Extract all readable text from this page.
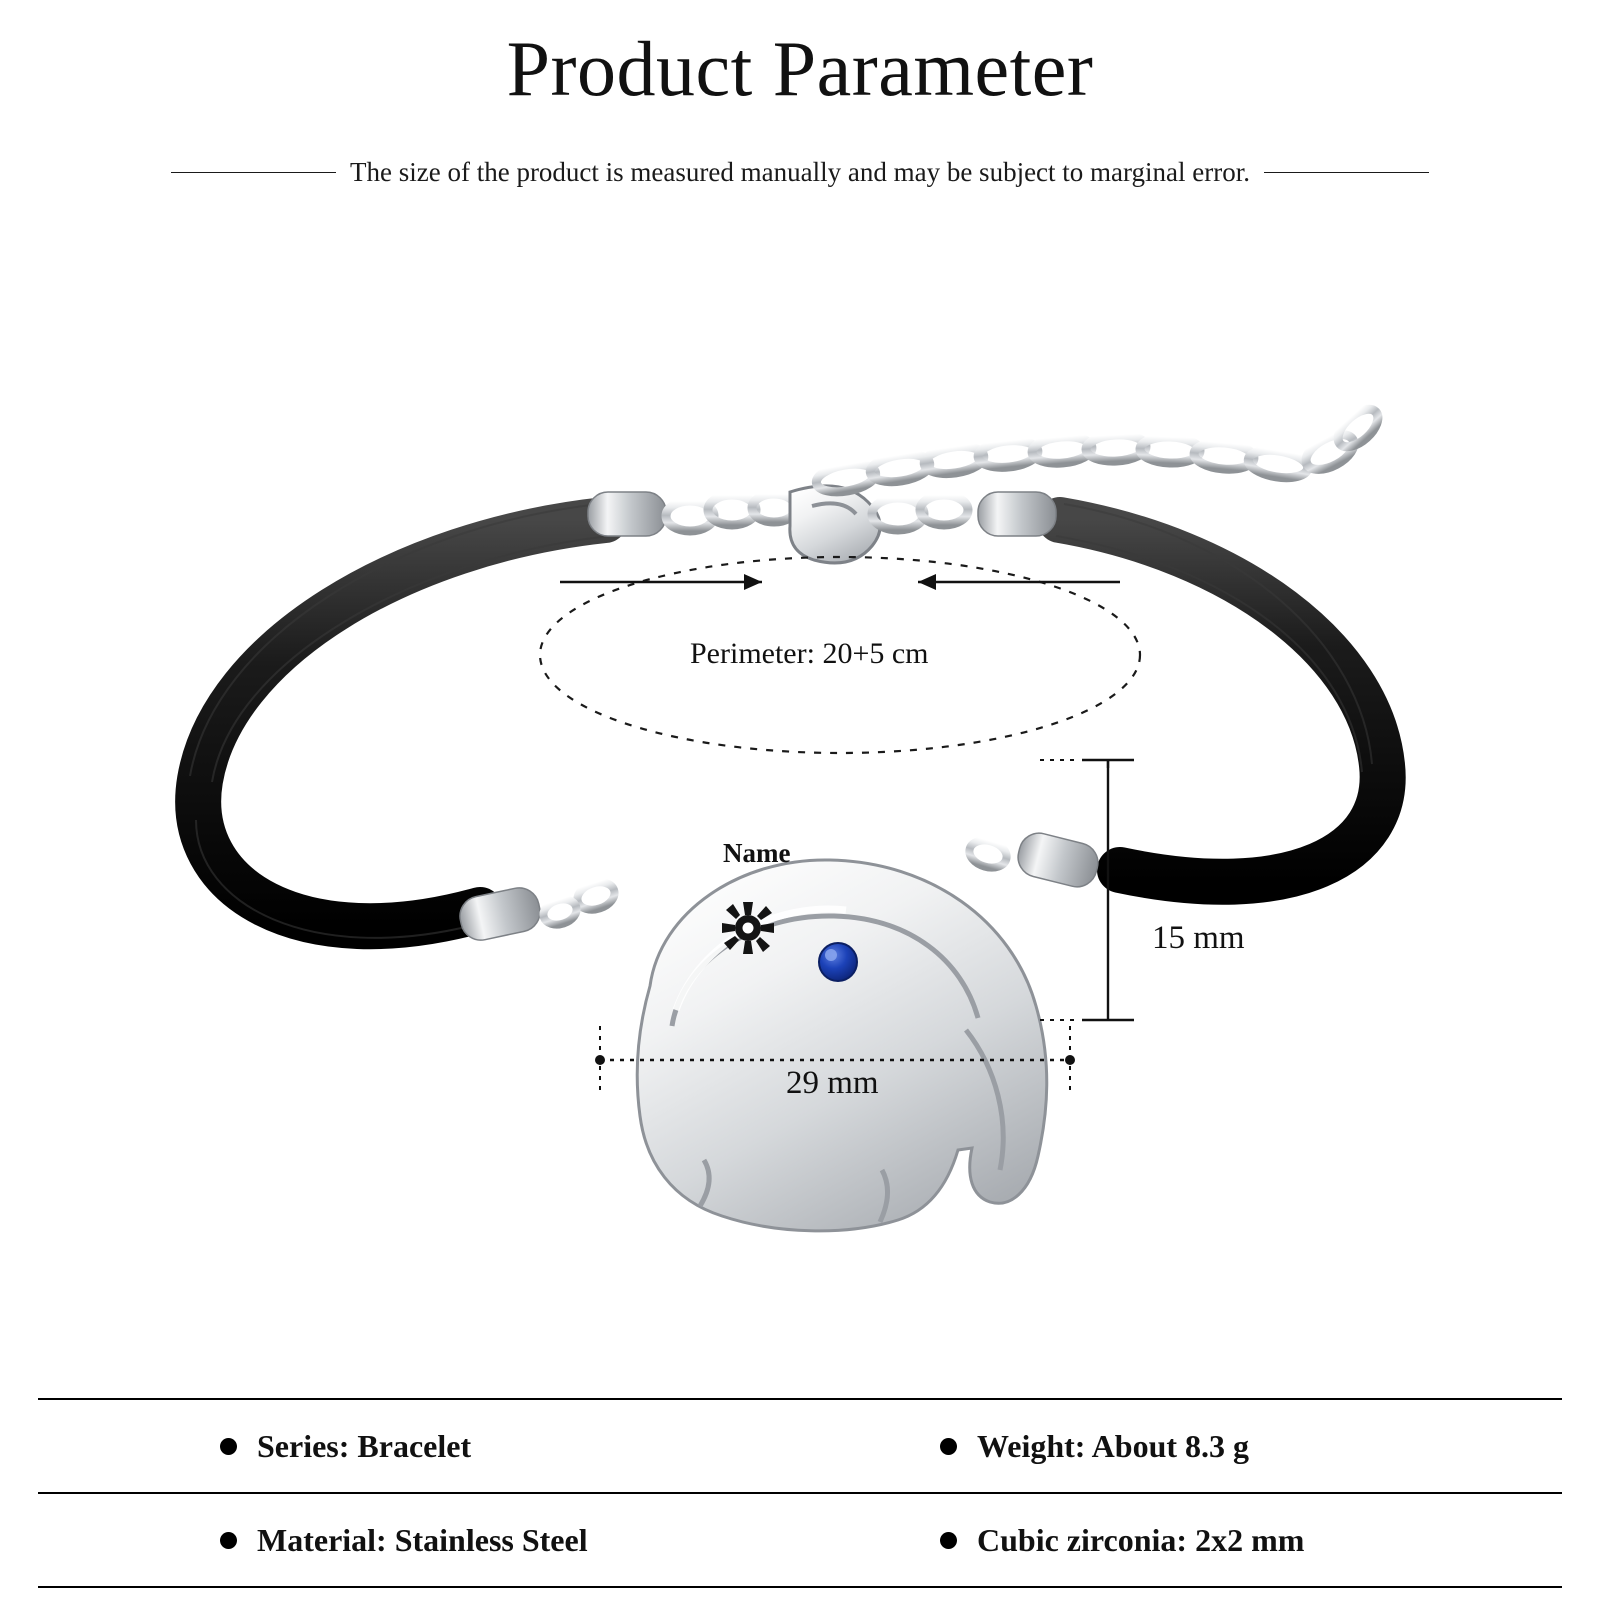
Product Parameter
The size of the product is measured manually and may be subject to marginal error.
Perimeter: 20+5 cm
15 mm
29 mm
Name
Series: Bracelet	Weight: About 8.3 g
Material: Stainless Steel	Cubic zirconia: 2x2 mm
